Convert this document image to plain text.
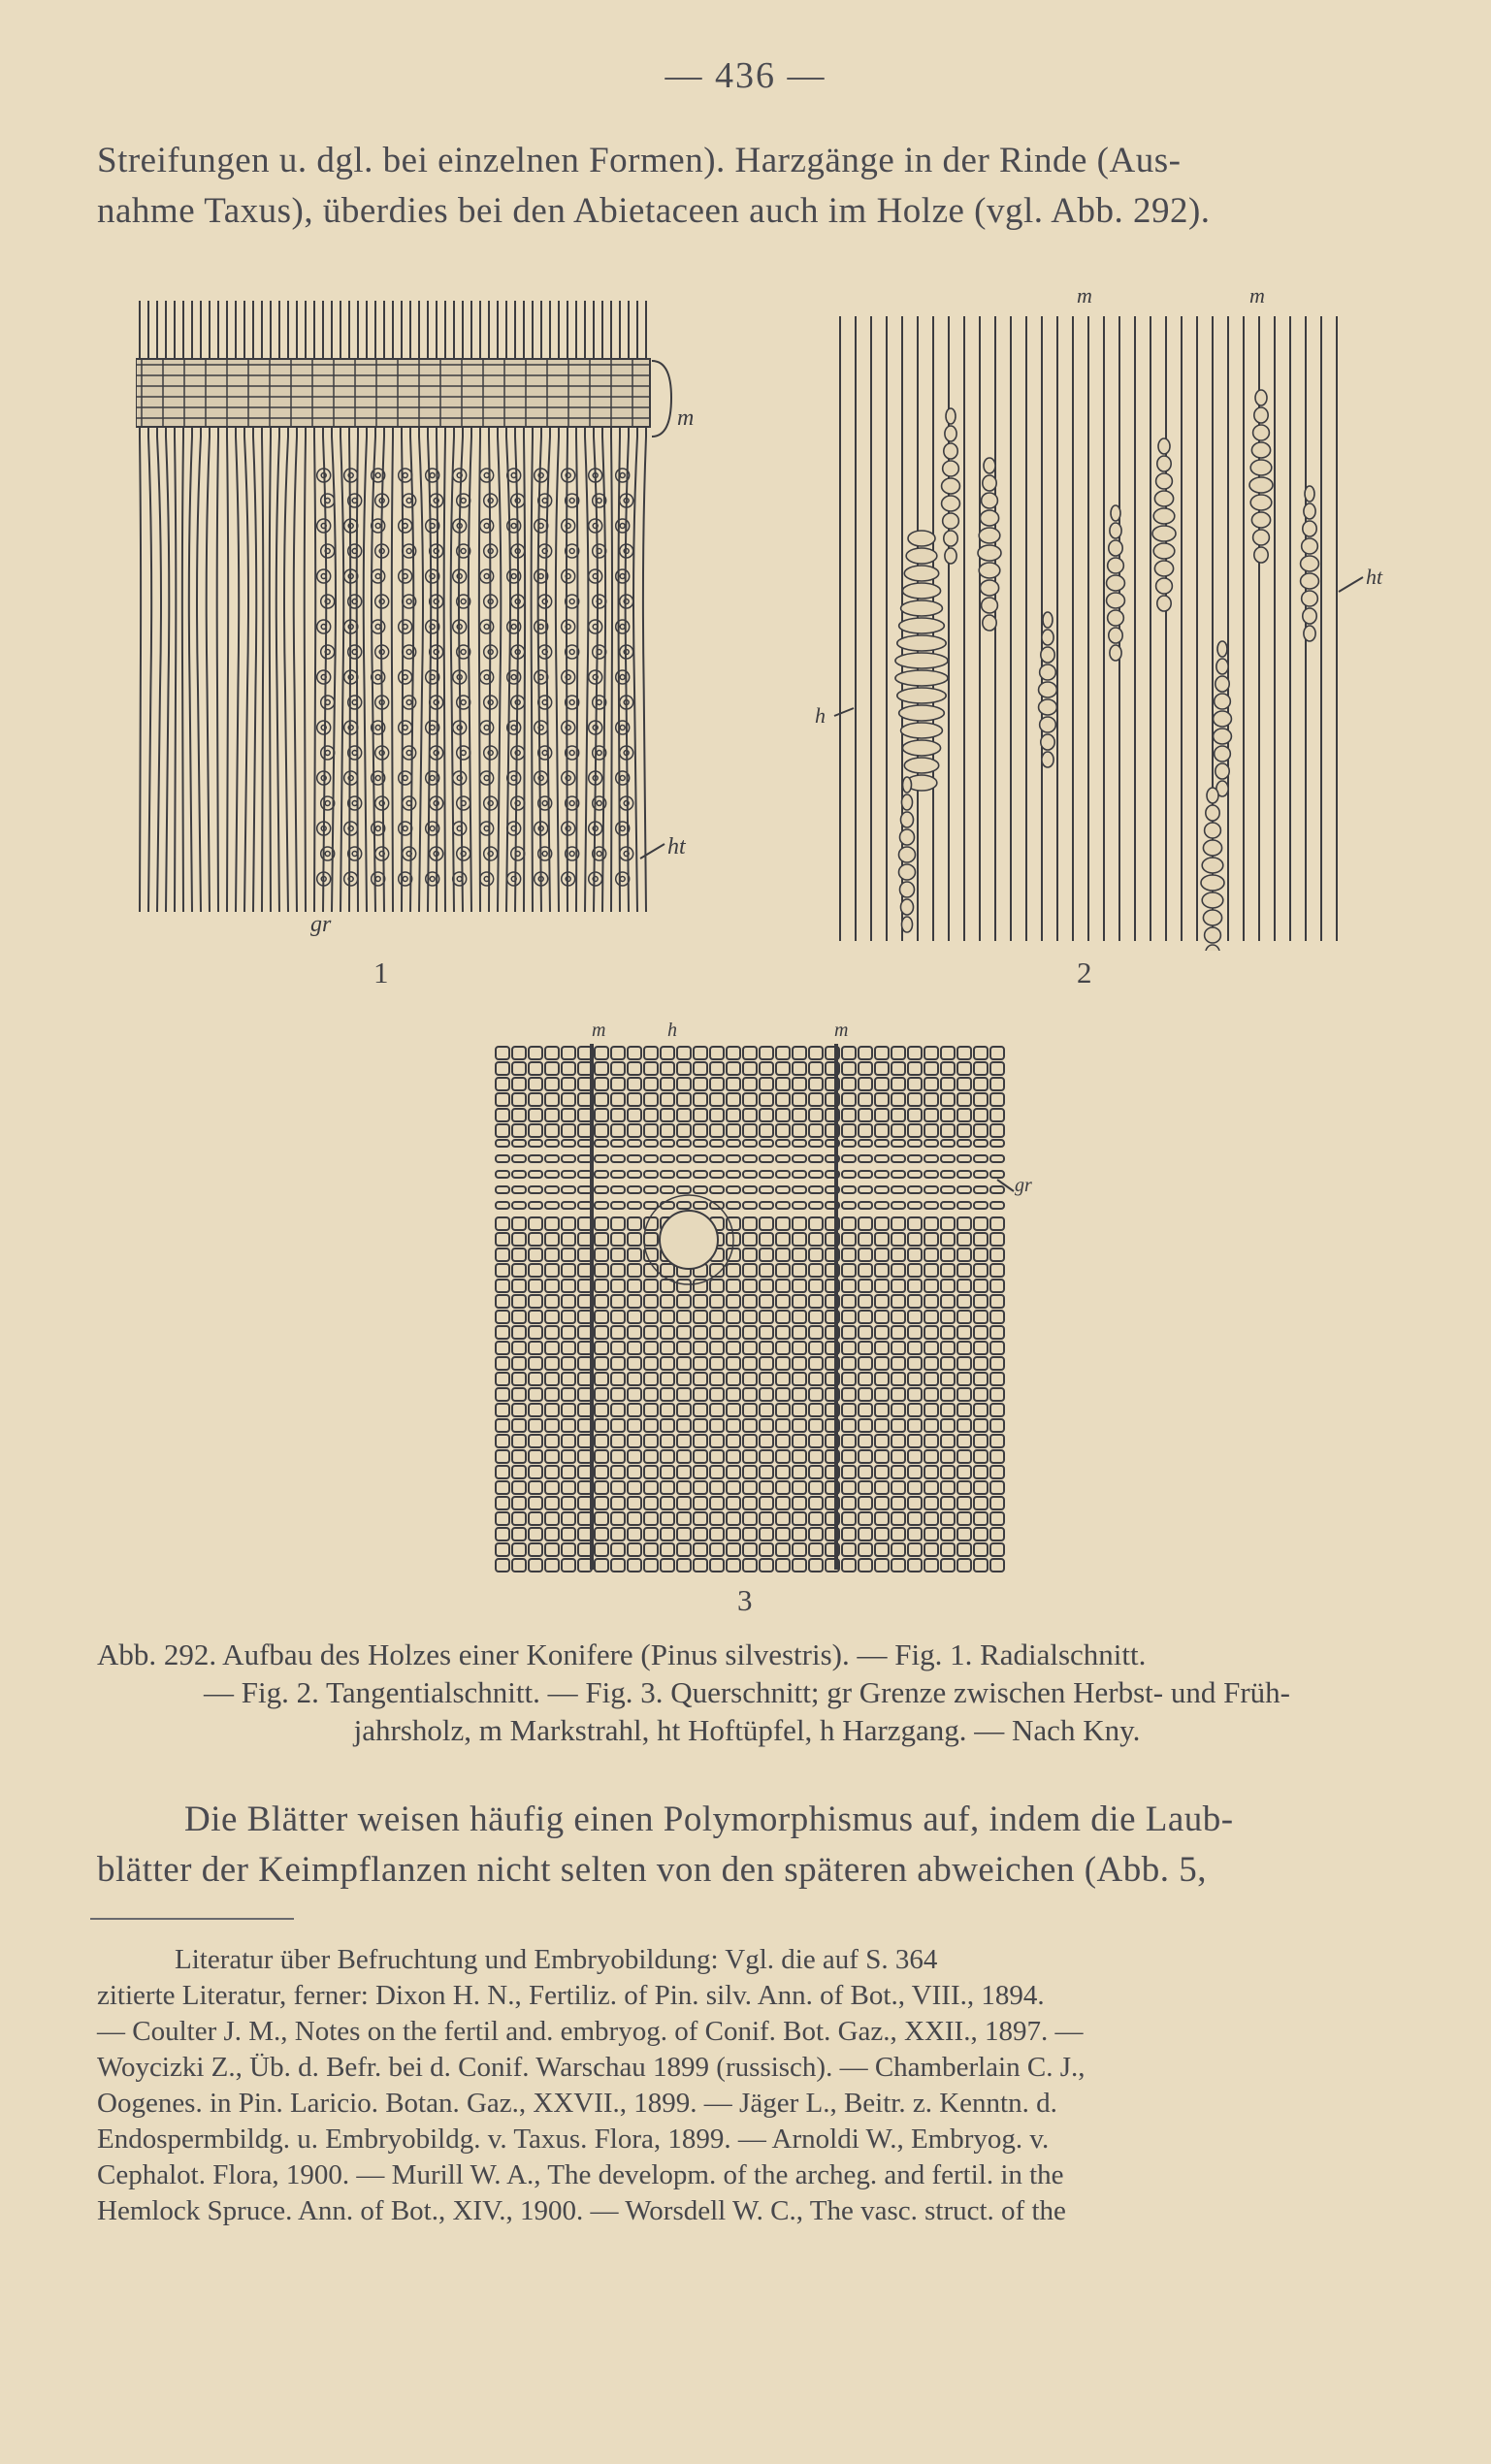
— 436 —
Streifungen u. dgl. bei einzelnen Formen). Harzgänge in der Rinde (Aus-
nahme Taxus), überdies bei den Abietaceen auch im Holze (vgl. Abb. 292).
m
ht
gr
1
m	m
ht
h
2
m	h	m
gr
3
Abb. 292. Aufbau des Holzes einer Konifere (Pinus silvestris). — Fig. 1. Radialschnitt.
— Fig. 2. Tangentialschnitt. — Fig. 3. Querschnitt; gr Grenze zwischen Herbst- und Früh-
jahrsholz, m Markstrahl, ht Hoftüpfel, h Harzgang. — Nach Kny.
Die Blätter weisen häufig einen Polymorphismus auf, indem die Laub-
blätter der Keimpflanzen nicht selten von den späteren abweichen (Abb. 5,
Literatur über Befruchtung und Embryobildung: Vgl. die auf S. 364
zitierte Literatur, ferner: Dixon H. N., Fertiliz. of Pin. silv. Ann. of Bot., VIII., 1894.
— Coulter J. M., Notes on the fertil and. embryog. of Conif. Bot. Gaz., XXII., 1897. —
Woycizki Z., Üb. d. Befr. bei d. Conif. Warschau 1899 (russisch). — Chamberlain C. J.,
Oogenes. in Pin. Laricio. Botan. Gaz., XXVII., 1899. — Jäger L., Beitr. z. Kenntn. d.
Endospermbildg. u. Embryobildg. v. Taxus. Flora, 1899. — Arnoldi W., Embryog. v.
Cephalot. Flora, 1900. — Murill W. A., The developm. of the archeg. and fertil. in the
Hemlock Spruce. Ann. of Bot., XIV., 1900. — Worsdell W. C., The vasc. struct. of the
